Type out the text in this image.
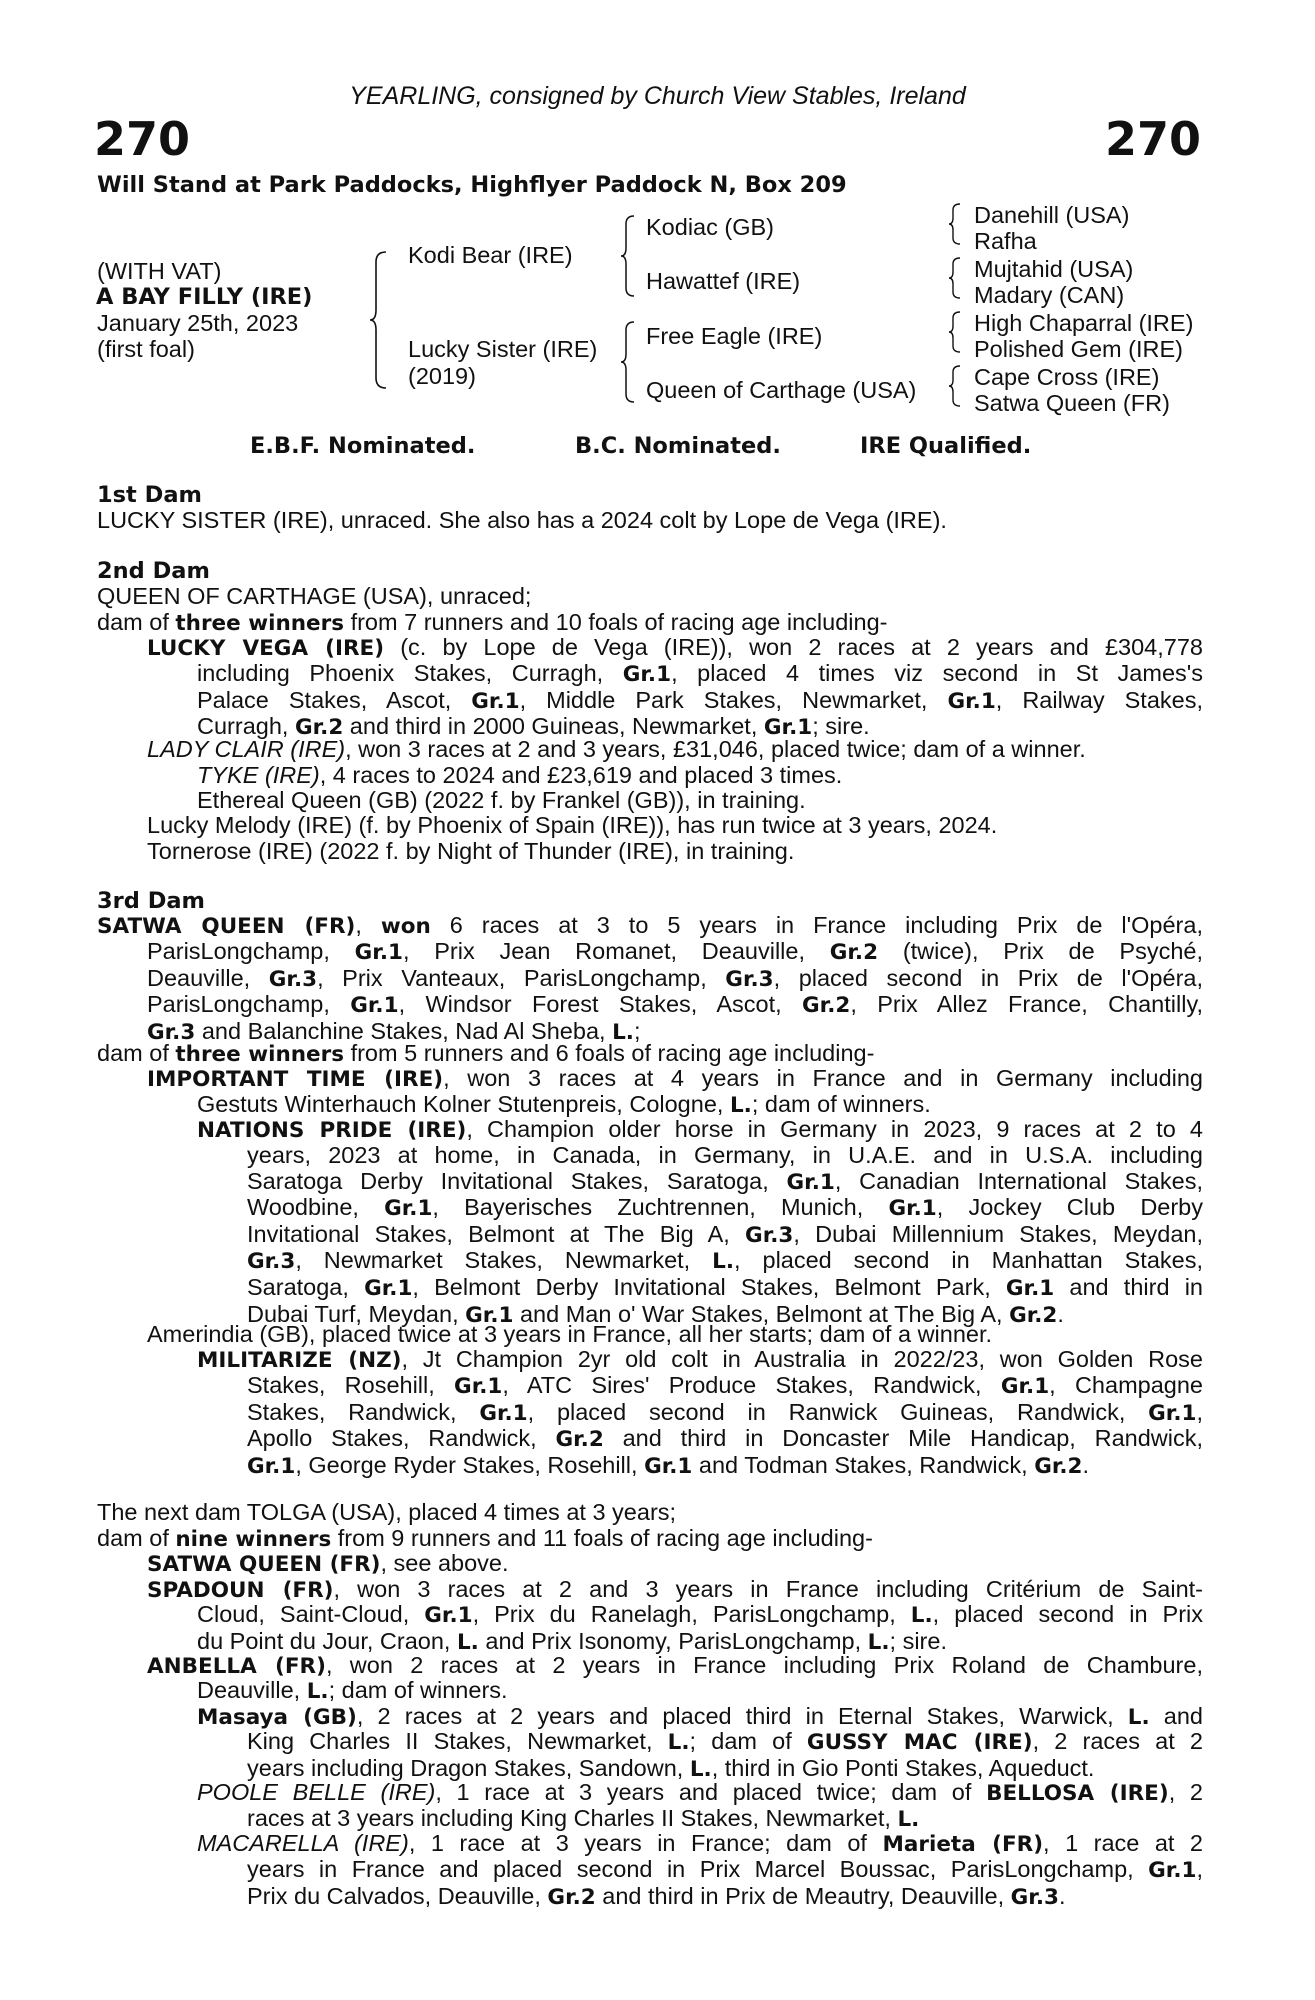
YEARLING, consigned by Church View Stables, Ireland
270	270
Will Stand at Park Paddocks, Highflyer Paddock N, Box 209
(WITH VAT)
A BAY FILLY (IRE)
January 25th, 2023
(first foal)
Kodi Bear (IRE)
Lucky Sister (IRE)
(2019)
Kodiac (GB)
Hawattef (IRE)
Free Eagle (IRE)
Queen of Carthage (USA)
Danehill (USA)
Rafha
Mujtahid (USA)
Madary (CAN)
High Chaparral (IRE)
Polished Gem (IRE)
Cape Cross (IRE)
Satwa Queen (FR)
E.B.F. Nominated.	B.C. Nominated.	IRE Qualified.
1st Dam
LUCKY SISTER (IRE), unraced. She also has a 2024 colt by Lope de Vega (IRE).
2nd Dam
QUEEN OF CARTHAGE (USA), unraced;
dam of three winners from 7 runners and 10 foals of racing age including-
LUCKY VEGA (IRE) (c. by Lope de Vega (IRE)), won 2 races at 2 years and £304,778
including Phoenix Stakes, Curragh, Gr.1, placed 4 times viz second in St James's
Palace Stakes, Ascot, Gr.1, Middle Park Stakes, Newmarket, Gr.1, Railway Stakes,
Curragh, Gr.2 and third in 2000 Guineas, Newmarket, Gr.1; sire.
LADY CLAIR (IRE), won 3 races at 2 and 3 years, £31,046, placed twice; dam of a winner.
TYKE (IRE), 4 races to 2024 and £23,619 and placed 3 times.
Ethereal Queen (GB) (2022 f. by Frankel (GB)), in training.
Lucky Melody (IRE) (f. by Phoenix of Spain (IRE)), has run twice at 3 years, 2024.
Tornerose (IRE) (2022 f. by Night of Thunder (IRE), in training.
3rd Dam
SATWA QUEEN (FR), won 6 races at 3 to 5 years in France including Prix de l'Opéra,
ParisLongchamp, Gr.1, Prix Jean Romanet, Deauville, Gr.2 (twice), Prix de Psyché,
Deauville, Gr.3, Prix Vanteaux, ParisLongchamp, Gr.3, placed second in Prix de l'Opéra,
ParisLongchamp, Gr.1, Windsor Forest Stakes, Ascot, Gr.2, Prix Allez France, Chantilly,
Gr.3 and Balanchine Stakes, Nad Al Sheba, L.;
dam of three winners from 5 runners and 6 foals of racing age including-
IMPORTANT TIME (IRE), won 3 races at 4 years in France and in Germany including
Gestuts Winterhauch Kolner Stutenpreis, Cologne, L.; dam of winners.
NATIONS PRIDE (IRE), Champion older horse in Germany in 2023, 9 races at 2 to 4
years, 2023 at home, in Canada, in Germany, in U.A.E. and in U.S.A. including
Saratoga Derby Invitational Stakes, Saratoga, Gr.1, Canadian International Stakes,
Woodbine, Gr.1, Bayerisches Zuchtrennen, Munich, Gr.1, Jockey Club Derby
Invitational Stakes, Belmont at The Big A, Gr.3, Dubai Millennium Stakes, Meydan,
Gr.3, Newmarket Stakes, Newmarket, L., placed second in Manhattan Stakes,
Saratoga, Gr.1, Belmont Derby Invitational Stakes, Belmont Park, Gr.1 and third in
Dubai Turf, Meydan, Gr.1 and Man o' War Stakes, Belmont at The Big A, Gr.2.
Amerindia (GB), placed twice at 3 years in France, all her starts; dam of a winner.
MILITARIZE (NZ), Jt Champion 2yr old colt in Australia in 2022/23, won Golden Rose
Stakes, Rosehill, Gr.1, ATC Sires' Produce Stakes, Randwick, Gr.1, Champagne
Stakes, Randwick, Gr.1, placed second in Ranwick Guineas, Randwick, Gr.1,
Apollo Stakes, Randwick, Gr.2 and third in Doncaster Mile Handicap, Randwick,
Gr.1, George Ryder Stakes, Rosehill, Gr.1 and Todman Stakes, Randwick, Gr.2.
The next dam TOLGA (USA), placed 4 times at 3 years;
dam of nine winners from 9 runners and 11 foals of racing age including-
SATWA QUEEN (FR), see above.
SPADOUN (FR), won 3 races at 2 and 3 years in France including Critérium de Saint-
Cloud, Saint-Cloud, Gr.1, Prix du Ranelagh, ParisLongchamp, L., placed second in Prix
du Point du Jour, Craon, L. and Prix Isonomy, ParisLongchamp, L.; sire.
ANBELLA (FR), won 2 races at 2 years in France including Prix Roland de Chambure,
Deauville, L.; dam of winners.
Masaya (GB), 2 races at 2 years and placed third in Eternal Stakes, Warwick, L. and
King Charles II Stakes, Newmarket, L.; dam of GUSSY MAC (IRE), 2 races at 2
years including Dragon Stakes, Sandown, L., third in Gio Ponti Stakes, Aqueduct.
POOLE BELLE (IRE), 1 race at 3 years and placed twice; dam of BELLOSA (IRE), 2
races at 3 years including King Charles II Stakes, Newmarket, L.
MACARELLA (IRE), 1 race at 3 years in France; dam of Marieta (FR), 1 race at 2
years in France and placed second in Prix Marcel Boussac, ParisLongchamp, Gr.1,
Prix du Calvados, Deauville, Gr.2 and third in Prix de Meautry, Deauville, Gr.3.
